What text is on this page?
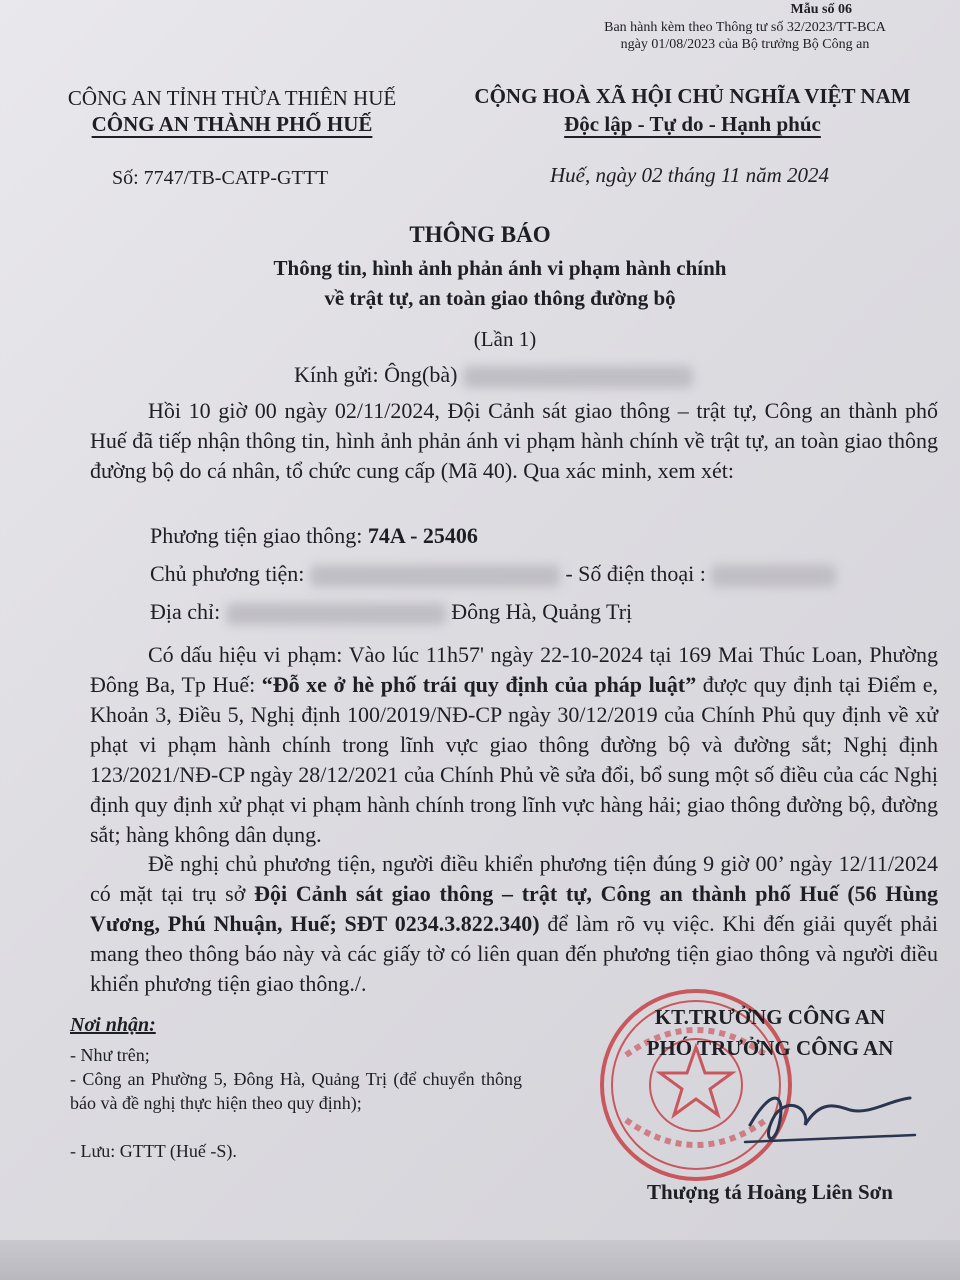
Mẫu số 06
Ban hành kèm theo Thông tư số 32/2023/TT-BCA
ngày 01/08/2023 của Bộ trưởng Bộ Công an
CÔNG AN TỈNH THỪA THIÊN HUẾ
CÔNG AN THÀNH PHỐ HUẾ
CỘNG HOÀ XÃ HỘI CHỦ NGHĨA VIỆT NAM
Độc lập - Tự do - Hạnh phúc
Số: 7747/TB-CATP-GTTT	Huế, ngày 02 tháng 11 năm 2024
THÔNG BÁO
Thông tin, hình ảnh phản ánh vi phạm hành chính
về trật tự, an toàn giao thông đường bộ
(Lần 1)
Kính gửi: Ông(bà)

Hồi 10 giờ 00 ngày 02/11/2024, Đội Cảnh sát giao thông – trật tự, Công an thành phố Huế đã tiếp nhận thông tin, hình ảnh phản ánh vi phạm hành chính về trật tự, an toàn giao thông đường bộ do cá nhân, tổ chức cung cấp (Mã 40). Qua xác minh, xem xét:

Phương tiện giao thông: 74A - 25406
Chủ phương tiện:	- Số điện thoại :
Địa chỉ:	Đông Hà, Quảng Trị

Có dấu hiệu vi phạm: Vào lúc 11h57' ngày 22-10-2024 tại 169 Mai Thúc Loan, Phường Đông Ba, Tp Huế: “Đỗ xe ở hè phố trái quy định của pháp luật” được quy định tại Điểm e, Khoản 3, Điều 5, Nghị định 100/2019/NĐ-CP ngày 30/12/2019 của Chính Phủ quy định về xử phạt vi phạm hành chính trong lĩnh vực giao thông đường bộ và đường sắt; Nghị định 123/2021/NĐ-CP ngày 28/12/2021 của Chính Phủ về sửa đổi, bổ sung một số điều của các Nghị định quy định xử phạt vi phạm hành chính trong lĩnh vực hàng hải; giao thông đường bộ, đường sắt; hàng không dân dụng.

Đề nghị chủ phương tiện, người điều khiển phương tiện đúng 9 giờ 00’ ngày 12/11/2024 có mặt tại trụ sở Đội Cảnh sát giao thông – trật tự, Công an thành phố Huế (56 Hùng Vương, Phú Nhuận, Huế; SĐT 0234.3.822.340) để làm rõ vụ việc. Khi đến giải quyết phải mang theo thông báo này và các giấy tờ có liên quan đến phương tiện giao thông và người điều khiển phương tiện giao thông./.

Nơi nhận:
- Như trên;
- Công an Phường 5, Đông Hà, Quảng Trị (để chuyển thông báo và đề nghị thực hiện theo quy định);
- Lưu: GTTT (Huế -S).
KT.TRƯỞNG CÔNG AN
PHÓ TRƯỞNG CÔNG AN
Thượng tá Hoàng Liên Sơn
